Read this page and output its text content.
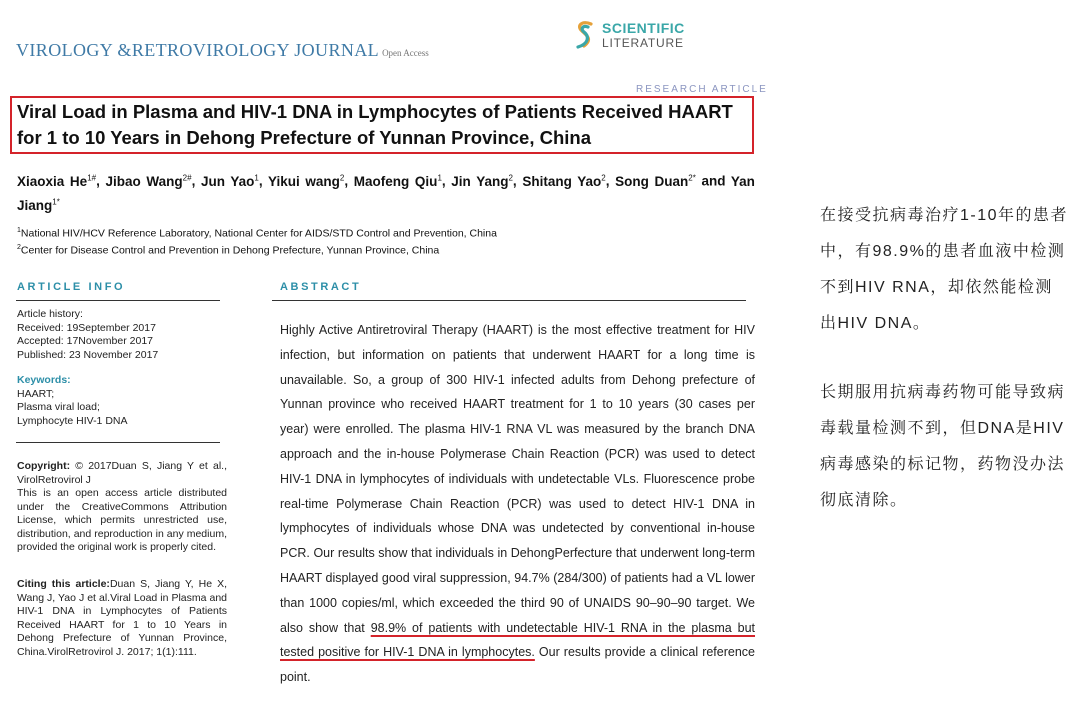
VIROLOGY &RETROVIROLOGY JOURNAL Open Access
SCIENTIFIC
LITERATURE
RESEARCH ARTICLE
Viral Load in Plasma and HIV-1 DNA in Lymphocytes of Patients Received HAART for 1 to 10 Years in Dehong Prefecture of Yunnan Province, China
Xiaoxia $He^{1\#}$, Jibao Wang$^{2\#}$, Jun Yao$^1$, Yikui wang$^2$, Maofeng Qiu$^1$, Jin Yang$^2$, Shitang Yao$^2$, Song Duan$^{2*}$ and Yan Jiang$^{1*}$
$^1$National HIV/HCV Reference Laboratory, National Center for AIDS/STD Control and Prevention, China
$^2$Center for Disease Control and Prevention in Dehong Prefecture, Yunnan Province, China
ARTICLE INFO
Article history:
Received: 19September 2017
Accepted: 17November 2017
Published: 23 November 2017
Keywords:
HAART;
Plasma viral load;
Lymphocyte HIV-1 DNA
Copyright: © 2017Duan S, Jiang Y et al., VirolRetrovirol J
This is an open access article distributed under the CreativeCommons Attribution License, which permits unrestricted use, distribution, and reproduction in any medium, provided the original work is properly cited.
Citing this article:Duan S, Jiang Y, He X, Wang J, Yao J et al.Viral Load in Plasma and HIV-1 DNA in Lymphocytes of Patients Received HAART for 1 to 10 Years in Dehong Prefecture of Yunnan Province, China.VirolRetrovirol J. 2017; 1(1):111.
ABSTRACT
Highly Active Antiretroviral Therapy (HAART) is the most effective treatment for HIV infection, but information on patients that underwent HAART for a long time is unavailable. So, a group of 300 HIV-1 infected adults from Dehong prefecture of Yunnan province who received HAART treatment for 1 to 10 years (30 cases per year) were enrolled. The plasma HIV-1 RNA VL was measured by the branch DNA approach and the in-house Polymerase Chain Reaction (PCR) was used to detect HIV-1 DNA in lymphocytes of individuals with undetectable VLs. Fluorescence probe real-time Polymerase Chain Reaction (PCR) was used to detect HIV-1 DNA in lymphocytes of individuals whose DNA was undetected by conventional in-house PCR. Our results show that individuals in DehongPerfecture that underwent long-term HAART displayed good viral suppression, 94.7% (284/300) of patients had a VL lower than 1000 copies/ml, which exceeded the third 90 of UNAIDS 90–90–90 target. We also show that 98.9% of patients with undetectable HIV-1 RNA in the plasma but tested positive for HIV-1 DNA in lymphocytes. Our results provide a clinical reference point.
在接受抗病毒治疗1-10年的患者中，有98.9%的患者血液中检测不到HIV RNA，却依然能检测出HIV DNA。
长期服用抗病毒药物可能导致病毒载量检测不到，但DNA是HIV病毒感染的标记物，药物没办法彻底清除。
